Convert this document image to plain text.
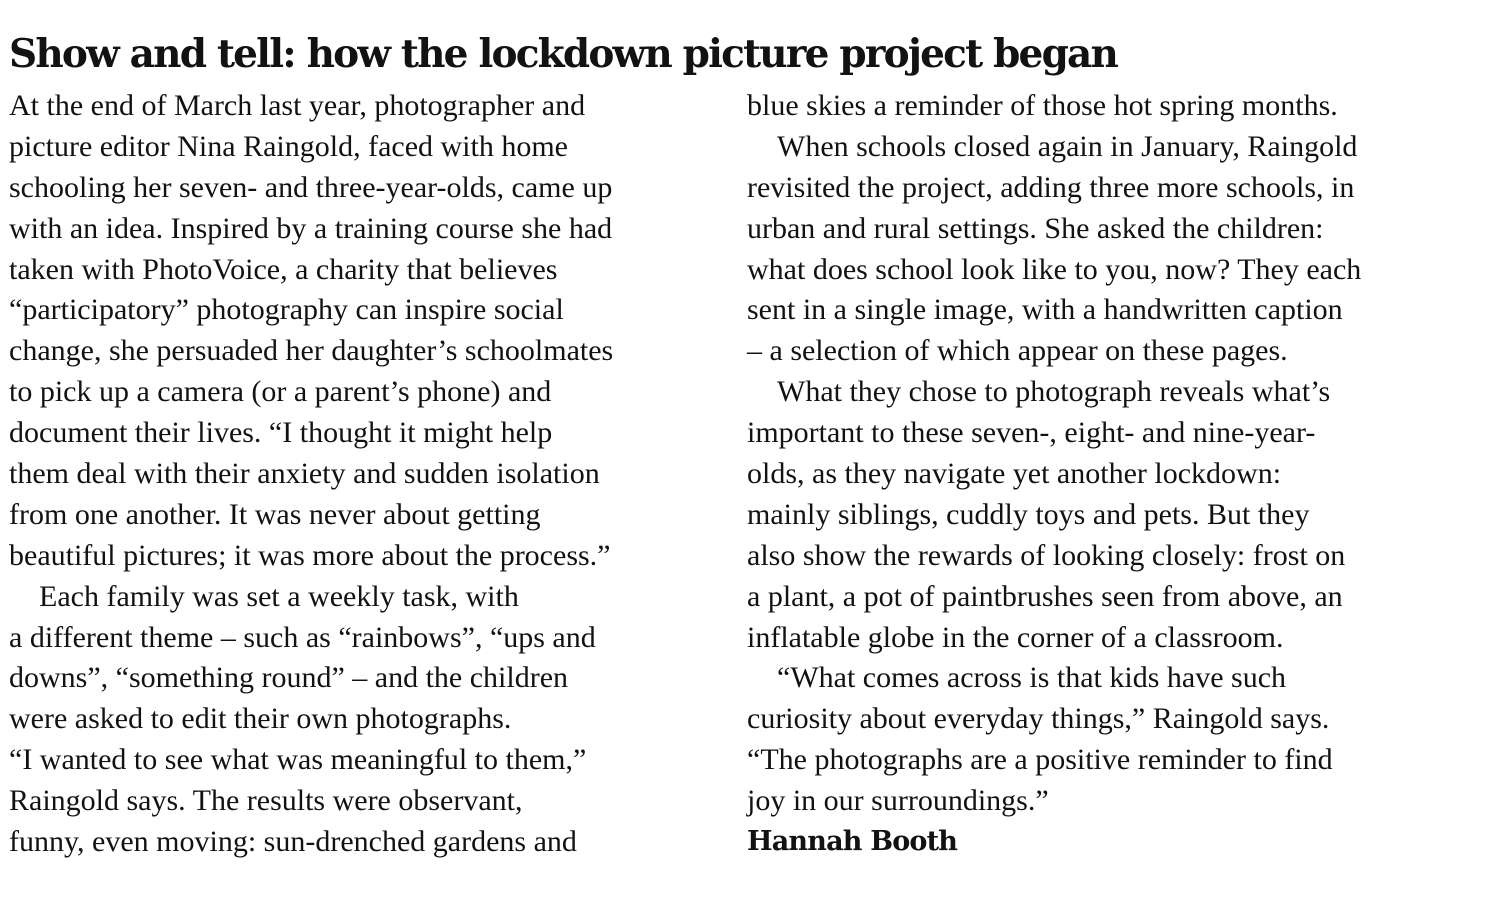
Show and tell: how the lockdown picture project began
At the end of March last year, photographer and
picture editor Nina Raingold, faced with home
schooling her seven- and three-year-olds, came up
with an idea. Inspired by a training course she had
taken with PhotoVoice, a charity that believes
“participatory” photography can inspire social
change, she persuaded her daughter’s schoolmates
to pick up a camera (or a parent’s phone) and
document their lives. “I thought it might help
them deal with their anxiety and sudden isolation
from one another. It was never about getting
beautiful pictures; it was more about the process.”
Each family was set a weekly task, with
a different theme – such as “rainbows”, “ups and
downs”, “something round” – and the children
were asked to edit their own photographs.
“I wanted to see what was meaningful to them,”
Raingold says. The results were observant,
funny, even moving: sun-drenched gardens and
blue skies a reminder of those hot spring months.
When schools closed again in January, Raingold
revisited the project, adding three more schools, in
urban and rural settings. She asked the children:
what does school look like to you, now? They each
sent in a single image, with a handwritten caption
– a selection of which appear on these pages.
What they chose to photograph reveals what’s
important to these seven-, eight- and nine-year-
olds, as they navigate yet another lockdown:
mainly siblings, cuddly toys and pets. But they
also show the rewards of looking closely: frost on
a plant, a pot of paintbrushes seen from above, an
inflatable globe in the corner of a classroom.
“What comes across is that kids have such
curiosity about everyday things,” Raingold says.
“The photographs are a positive reminder to find
joy in our surroundings.”
Hannah Booth
